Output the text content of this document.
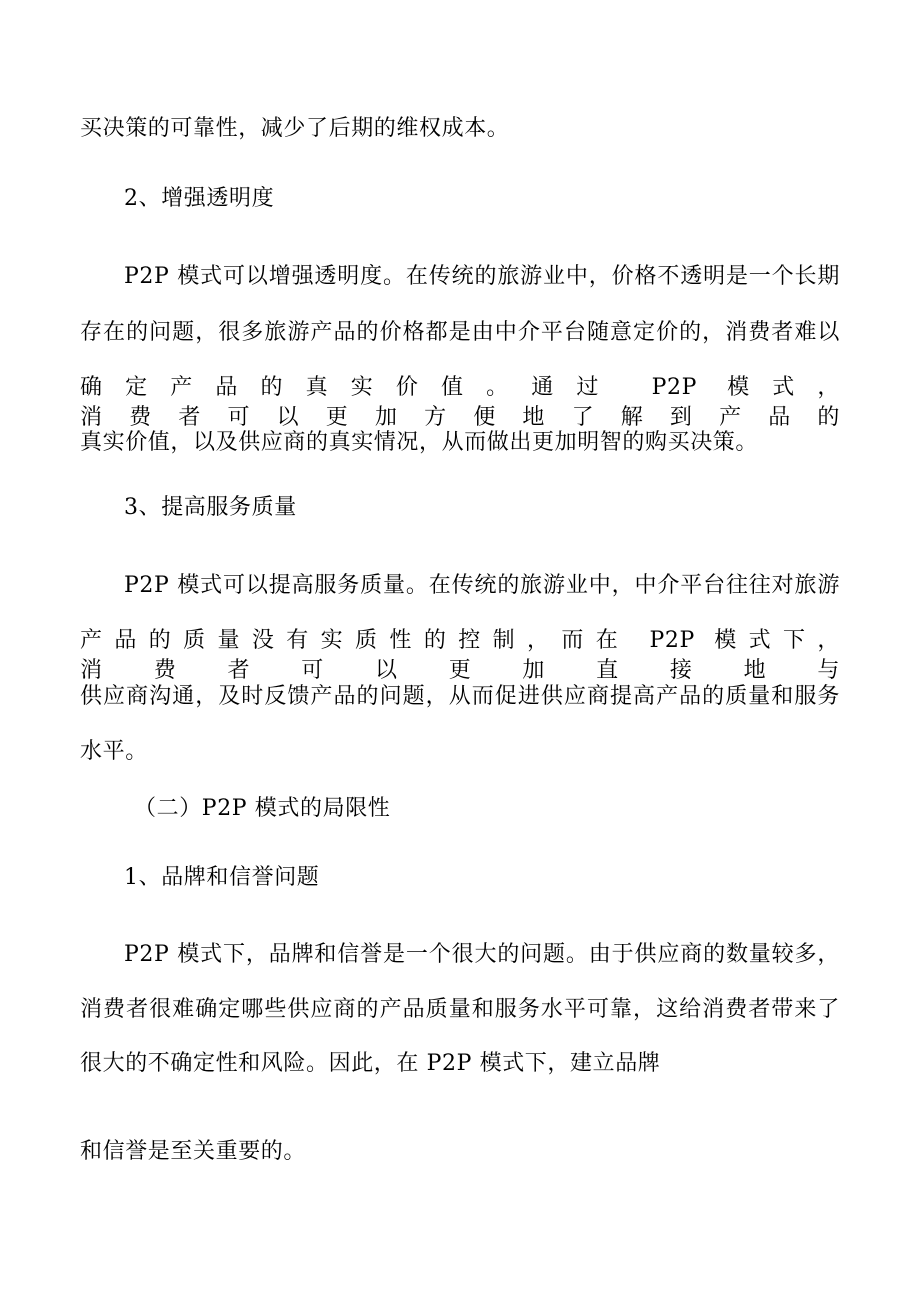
买决策的可靠性，减少了后期的维权成本。
2、增强透明度
P2P 模式可以增强透明度。在传统的旅游业中，价格不透明是一个长期
存在的问题，很多旅游产品的价格都是由中介平台随意定价的，消费者难以
确定产品的真实价值。通过 P2P 模式，消费者可以更加方便地了解到产品的
真实价值，以及供应商的真实情况，从而做出更加明智的购买决策。
3、提高服务质量
P2P 模式可以提高服务质量。在传统的旅游业中，中介平台往往对旅游
产品的质量没有实质性的控制，而在 P2P 模式下，消费者可以更加直接地与
供应商沟通，及时反馈产品的问题，从而促进供应商提高产品的质量和服务
水平。
（二）P2P 模式的局限性
1、品牌和信誉问题
P2P 模式下，品牌和信誉是一个很大的问题。由于供应商的数量较多，
消费者很难确定哪些供应商的产品质量和服务水平可靠，这给消费者带来了
很大的不确定性和风险。因此，在 P2P 模式下，建立品牌
和信誉是至关重要的。
